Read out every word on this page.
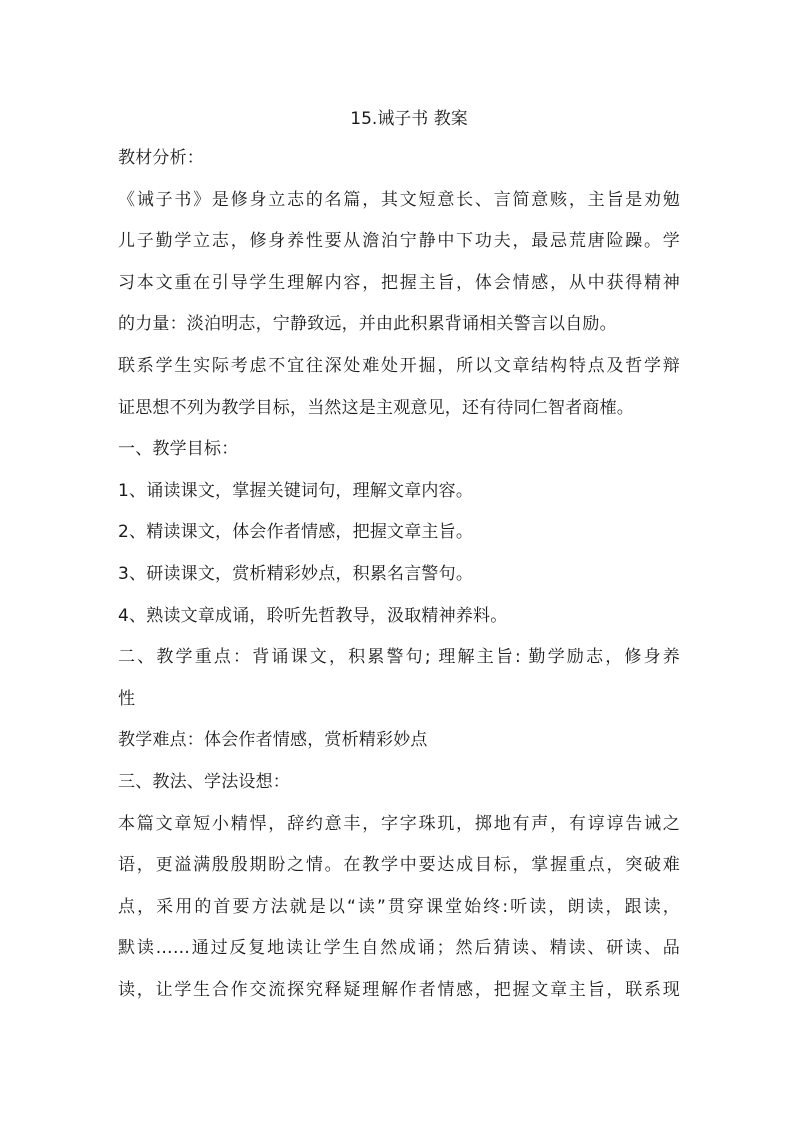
15.诫子书 教案

教材分析：

《诫子书》是修身立志的名篇，其文短意长、言简意赅，主旨是劝勉

儿子勤学立志，修身养性要从澹泊宁静中下功夫，最忌荒唐险躁。学

习本文重在引导学生理解内容，把握主旨，体会情感，从中获得精神

的力量：淡泊明志，宁静致远，并由此积累背诵相关警言以自励。

联系学生实际考虑不宜往深处难处开掘，所以文章结构特点及哲学辩

证思想不列为教学目标，当然这是主观意见，还有待同仁智者商榷。

一、教学目标：

1、诵读课文，掌握关键词句，理解文章内容。

2、精读课文，体会作者情感，把握文章主旨。

3、研读课文，赏析精彩妙点，积累名言警句。

4、熟读文章成诵，聆听先哲教导，汲取精神养料。

二、教学重点：背诵课文，积累警句; 理解主旨: 勤学励志，修身养

性

教学难点：体会作者情感，赏析精彩妙点

三、教法、学法设想：

本篇文章短小精悍，辞约意丰，字字珠玑，掷地有声，有谆谆告诫之

语，更溢满殷殷期盼之情。在教学中要达成目标，掌握重点，突破难

点，采用的首要方法就是以“读”贯穿课堂始终:听读，朗读，跟读，

默读……通过反复地读让学生自然成诵；然后猜读、精读、研读、品

读，让学生合作交流探究释疑理解作者情感，把握文章主旨，联系现
